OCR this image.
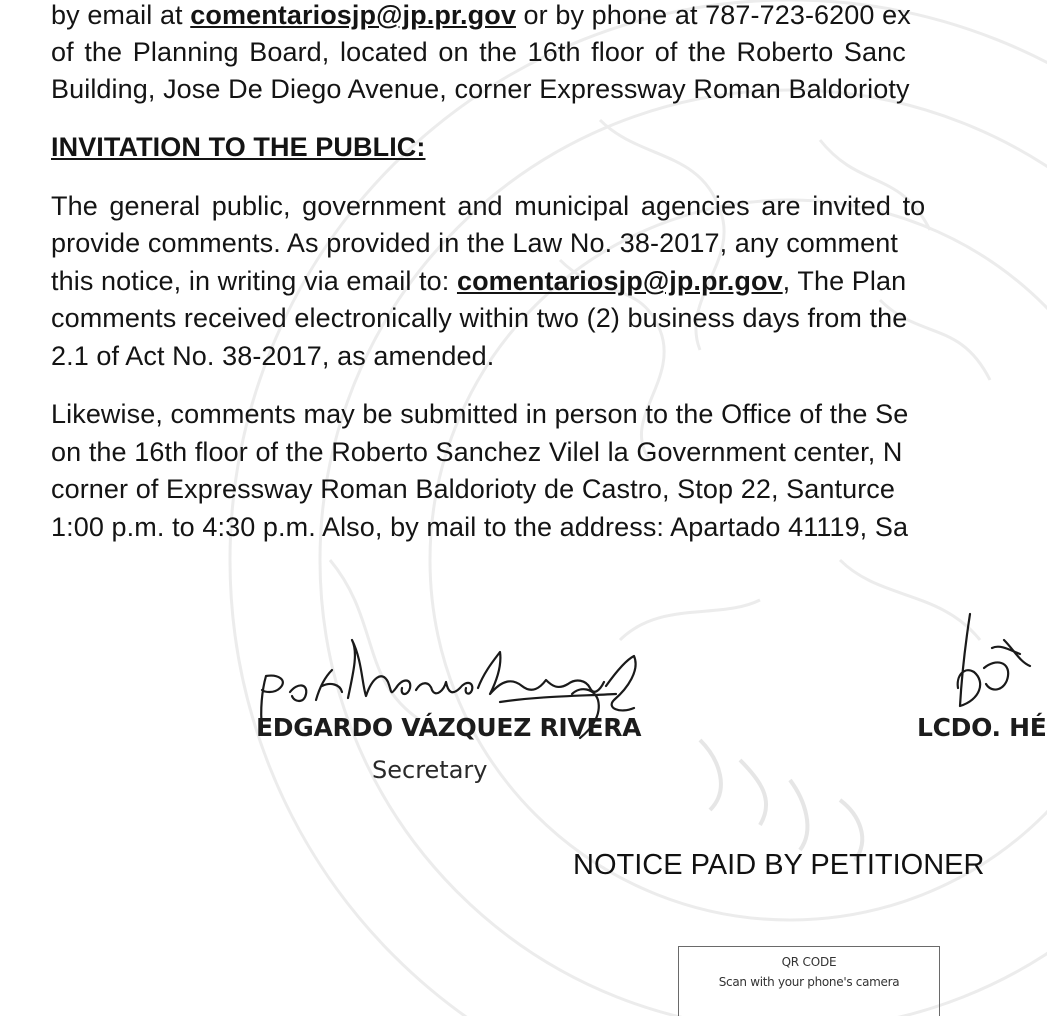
by email at comentariosjp@jp.pr.gov or by phone at 787-723-6200 ex

of the Planning Board, located on the 16th floor of the Roberto Sanc

Building, Jose De Diego Avenue, corner Expressway Roman Baldorioty

INVITATION TO THE PUBLIC:

The general public, government and municipal agencies are invited to

provide comments. As provided in the Law No. 38-2017, any comment

this notice, in writing via email to: comentariosjp@jp.pr.gov, The Plan

comments received electronically within two (2) business days from the

2.1 of Act No. 38-2017, as amended.

Likewise, comments may be submitted in person to the Office of the Se

on the 16th floor of the Roberto Sanchez Vilel la Government center, N

corner of Expressway Roman Baldorioty de Castro, Stop 22, Santurce

1:00 p.m. to 4:30 p.m. Also, by mail to the address: Apartado 41119, Sa

EDGARDO VÁZQUEZ RIVERA
Secretary
LCDO. HÉ
NOTICE PAID BY PETITIONER
QR CODE
Scan with your phone's camera
